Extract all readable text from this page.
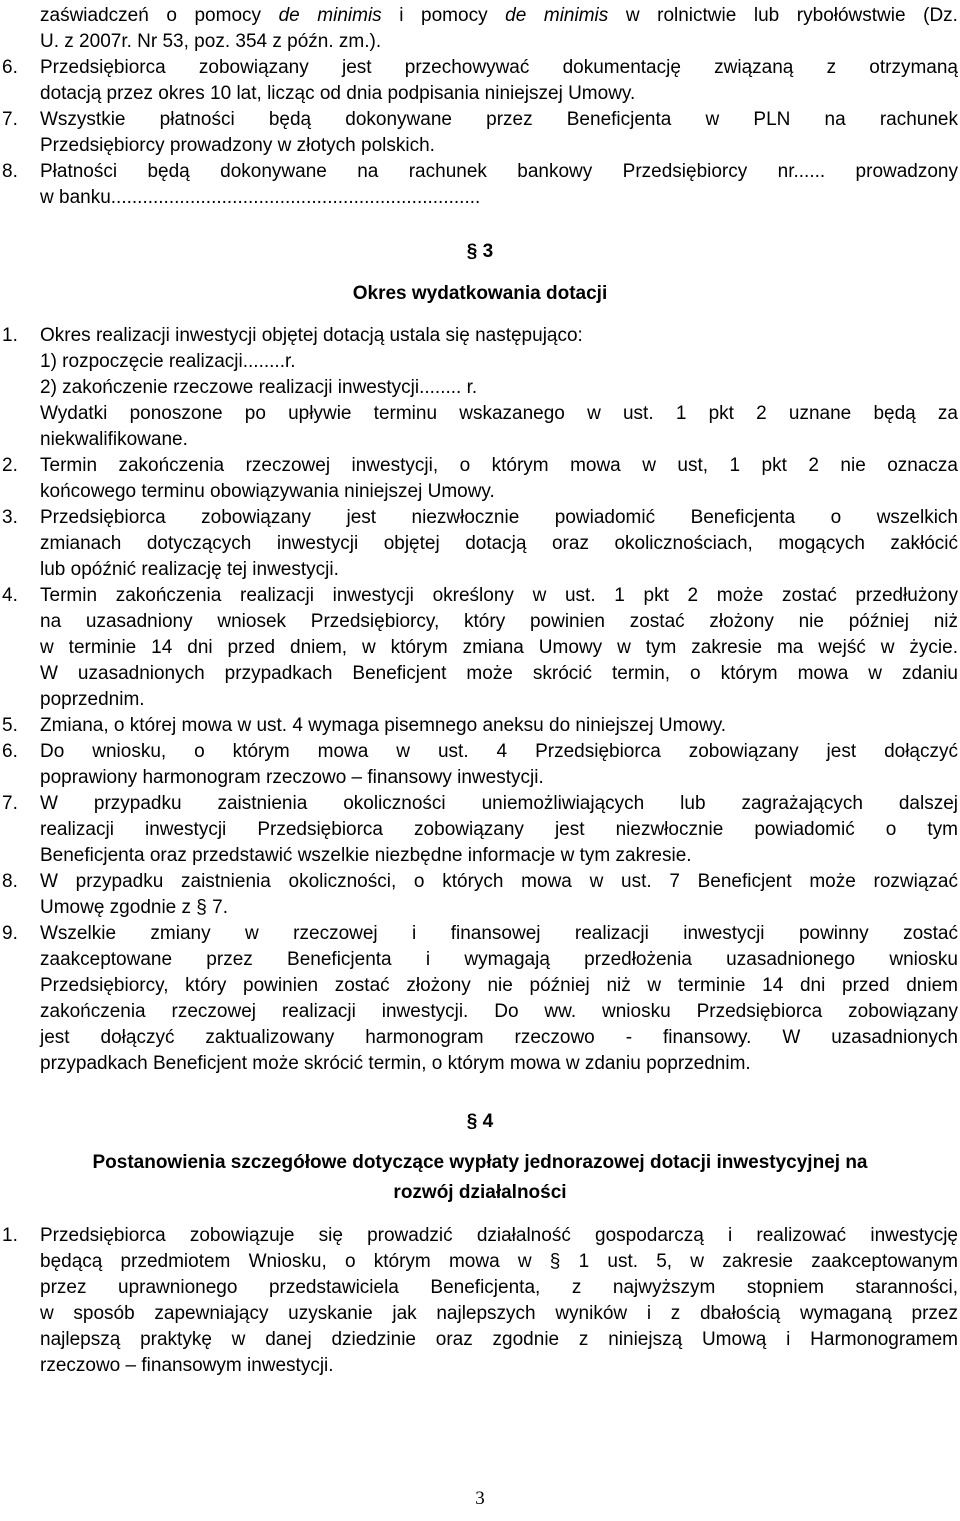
zaświadczeń o pomocy de minimis i pomocy de minimis w rolnictwie lub rybołówstwie (Dz.
U. z 2007r. Nr 53, poz. 354 z późn. zm.).
6. Przedsiębiorca zobowiązany jest przechowywać dokumentację związaną z otrzymaną
dotacją przez okres 10 lat, licząc od dnia podpisania niniejszej Umowy.
7. Wszystkie płatności będą dokonywane przez Beneficjenta w PLN na rachunek
Przedsiębiorcy prowadzony w złotych polskich.
8. Płatności będą dokonywane na rachunek bankowy Przedsiębiorcy nr...... prowadzony
w banku......................................................................
§ 3
Okres wydatkowania dotacji
1. Okres realizacji inwestycji objętej dotacją ustala się następująco:
1) rozpoczęcie realizacji........r.
2) zakończenie rzeczowe realizacji inwestycji........ r.
Wydatki ponoszone po upływie terminu wskazanego w ust. 1 pkt 2 uznane będą za
niekwalifikowane.
2. Termin zakończenia rzeczowej inwestycji, o którym mowa w ust, 1 pkt 2 nie oznacza
końcowego terminu obowiązywania niniejszej Umowy.
3. Przedsiębiorca zobowiązany jest niezwłocznie powiadomić Beneficjenta o wszelkich
zmianach dotyczących inwestycji objętej dotacją oraz okolicznościach, mogących zakłócić
lub opóźnić realizację tej inwestycji.
4. Termin zakończenia realizacji inwestycji określony w ust. 1 pkt 2 może zostać przedłużony
na uzasadniony wniosek Przedsiębiorcy, który powinien zostać złożony nie później niż
w terminie 14 dni przed dniem, w którym zmiana Umowy w tym zakresie ma wejść w życie.
W uzasadnionych przypadkach Beneficjent może skrócić termin, o którym mowa w zdaniu
poprzednim.
5. Zmiana, o której mowa w ust. 4 wymaga pisemnego aneksu do niniejszej Umowy.
6. Do wniosku, o którym mowa w ust. 4 Przedsiębiorca zobowiązany jest dołączyć
poprawiony harmonogram rzeczowo – finansowy inwestycji.
7. W przypadku zaistnienia okoliczności uniemożliwiających lub zagrażających dalszej
realizacji inwestycji Przedsiębiorca zobowiązany jest niezwłocznie powiadomić o tym
Beneficjenta oraz przedstawić wszelkie niezbędne informacje w tym zakresie.
8. W przypadku zaistnienia okoliczności, o których mowa w ust. 7 Beneficjent może rozwiązać
Umowę zgodnie z § 7.
9. Wszelkie zmiany w rzeczowej i finansowej realizacji inwestycji powinny zostać
zaakceptowane przez Beneficjenta i wymagają przedłożenia uzasadnionego wniosku
Przedsiębiorcy, który powinien zostać złożony nie później niż w terminie 14 dni przed dniem
zakończenia rzeczowej realizacji inwestycji. Do ww. wniosku Przedsiębiorca zobowiązany
jest dołączyć zaktualizowany harmonogram rzeczowo - finansowy. W uzasadnionych
przypadkach Beneficjent może skrócić termin, o którym mowa w zdaniu poprzednim.
§ 4
Postanowienia szczegółowe dotyczące wypłaty jednorazowej dotacji inwestycyjnej na
rozwój działalności
1. Przedsiębiorca zobowiązuje się prowadzić działalność gospodarczą i realizować inwestycję
będącą przedmiotem Wniosku, o którym mowa w § 1 ust. 5, w zakresie zaakceptowanym
przez uprawnionego przedstawiciela Beneficjenta, z najwyższym stopniem staranności,
w sposób zapewniający uzyskanie jak najlepszych wyników i z dbałością wymaganą przez
najlepszą praktykę w danej dziedzinie oraz zgodnie z niniejszą Umową i Harmonogramem
rzeczowo – finansowym inwestycji.
3
